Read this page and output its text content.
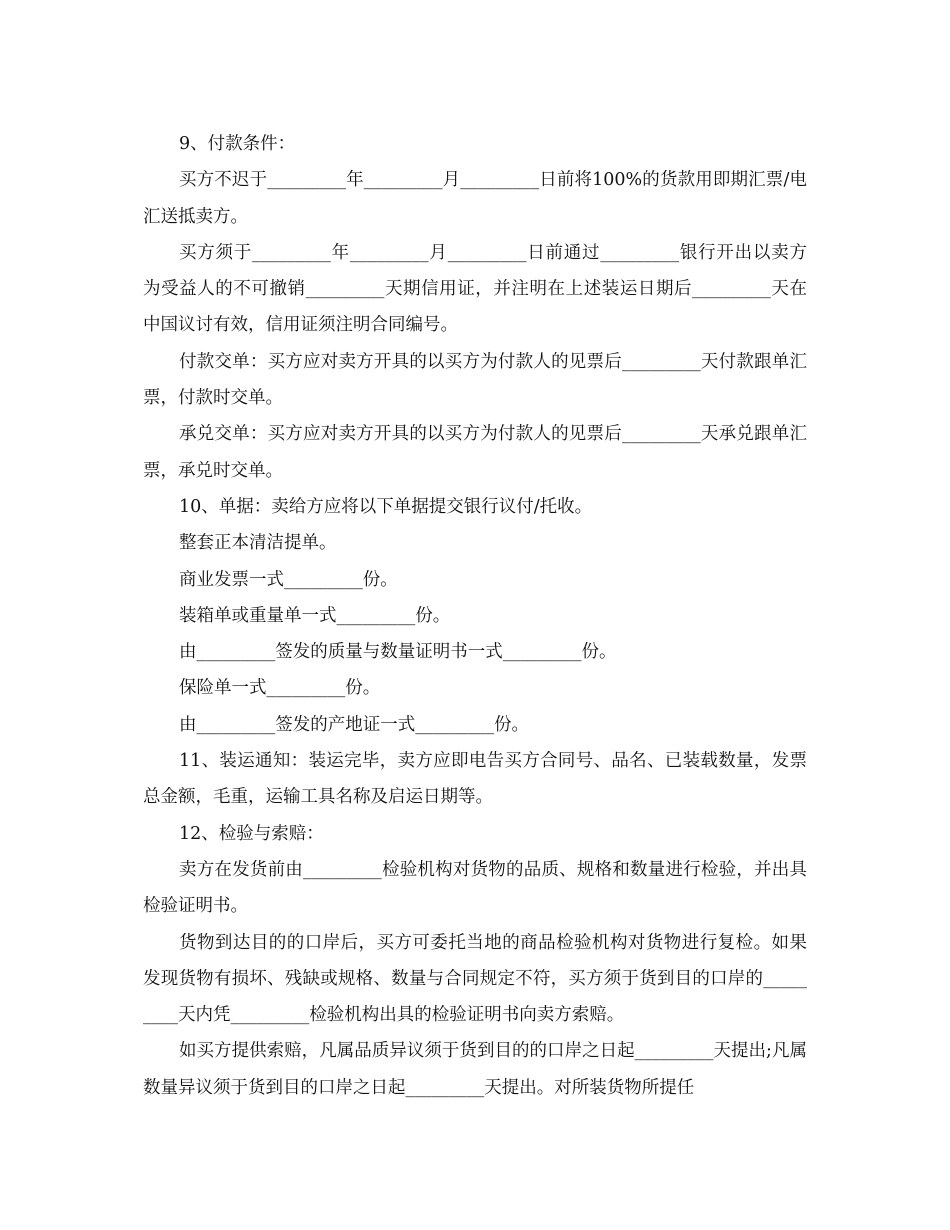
9、付款条件：

买方不迟于_________年_________月_________日前将100%的货款用即期汇票/电汇送抵卖方。

买方须于_________年_________月_________日前通过_________银行开出以卖方为受益人的不可撤销_________天期信用证，并注明在上述装运日期后_________天在中国议讨有效，信用证须注明合同编号。

付款交单：买方应对卖方开具的以买方为付款人的见票后_________天付款跟单汇票，付款时交单。

承兑交单：买方应对卖方开具的以买方为付款人的见票后_________天承兑跟单汇票，承兑时交单。

10、单据：卖给方应将以下单据提交银行议付/托收。

整套正本清洁提单。

商业发票一式_________份。

装箱单或重量单一式_________份。

由_________签发的质量与数量证明书一式_________份。

保险单一式_________份。

由_________签发的产地证一式_________份。

11、装运通知：装运完毕，卖方应即电告买方合同号、品名、已装载数量，发票总金额，毛重，运输工具名称及启运日期等。

12、检验与索赔：

卖方在发货前由_________检验机构对货物的品质、规格和数量进行检验，并出具检验证明书。

货物到达目的的口岸后，买方可委托当地的商品检验机构对货物进行复检。如果发现货物有损坏、残缺或规格、数量与合同规定不符，买方须于货到目的口岸的_________天内凭_________检验机构出具的检验证明书向卖方索赔。

如买方提供索赔，凡属品质异议须于货到目的的口岸之日起_________天提出;凡属数量异议须于货到目的口岸之日起_________天提出。对所装货物所提任
